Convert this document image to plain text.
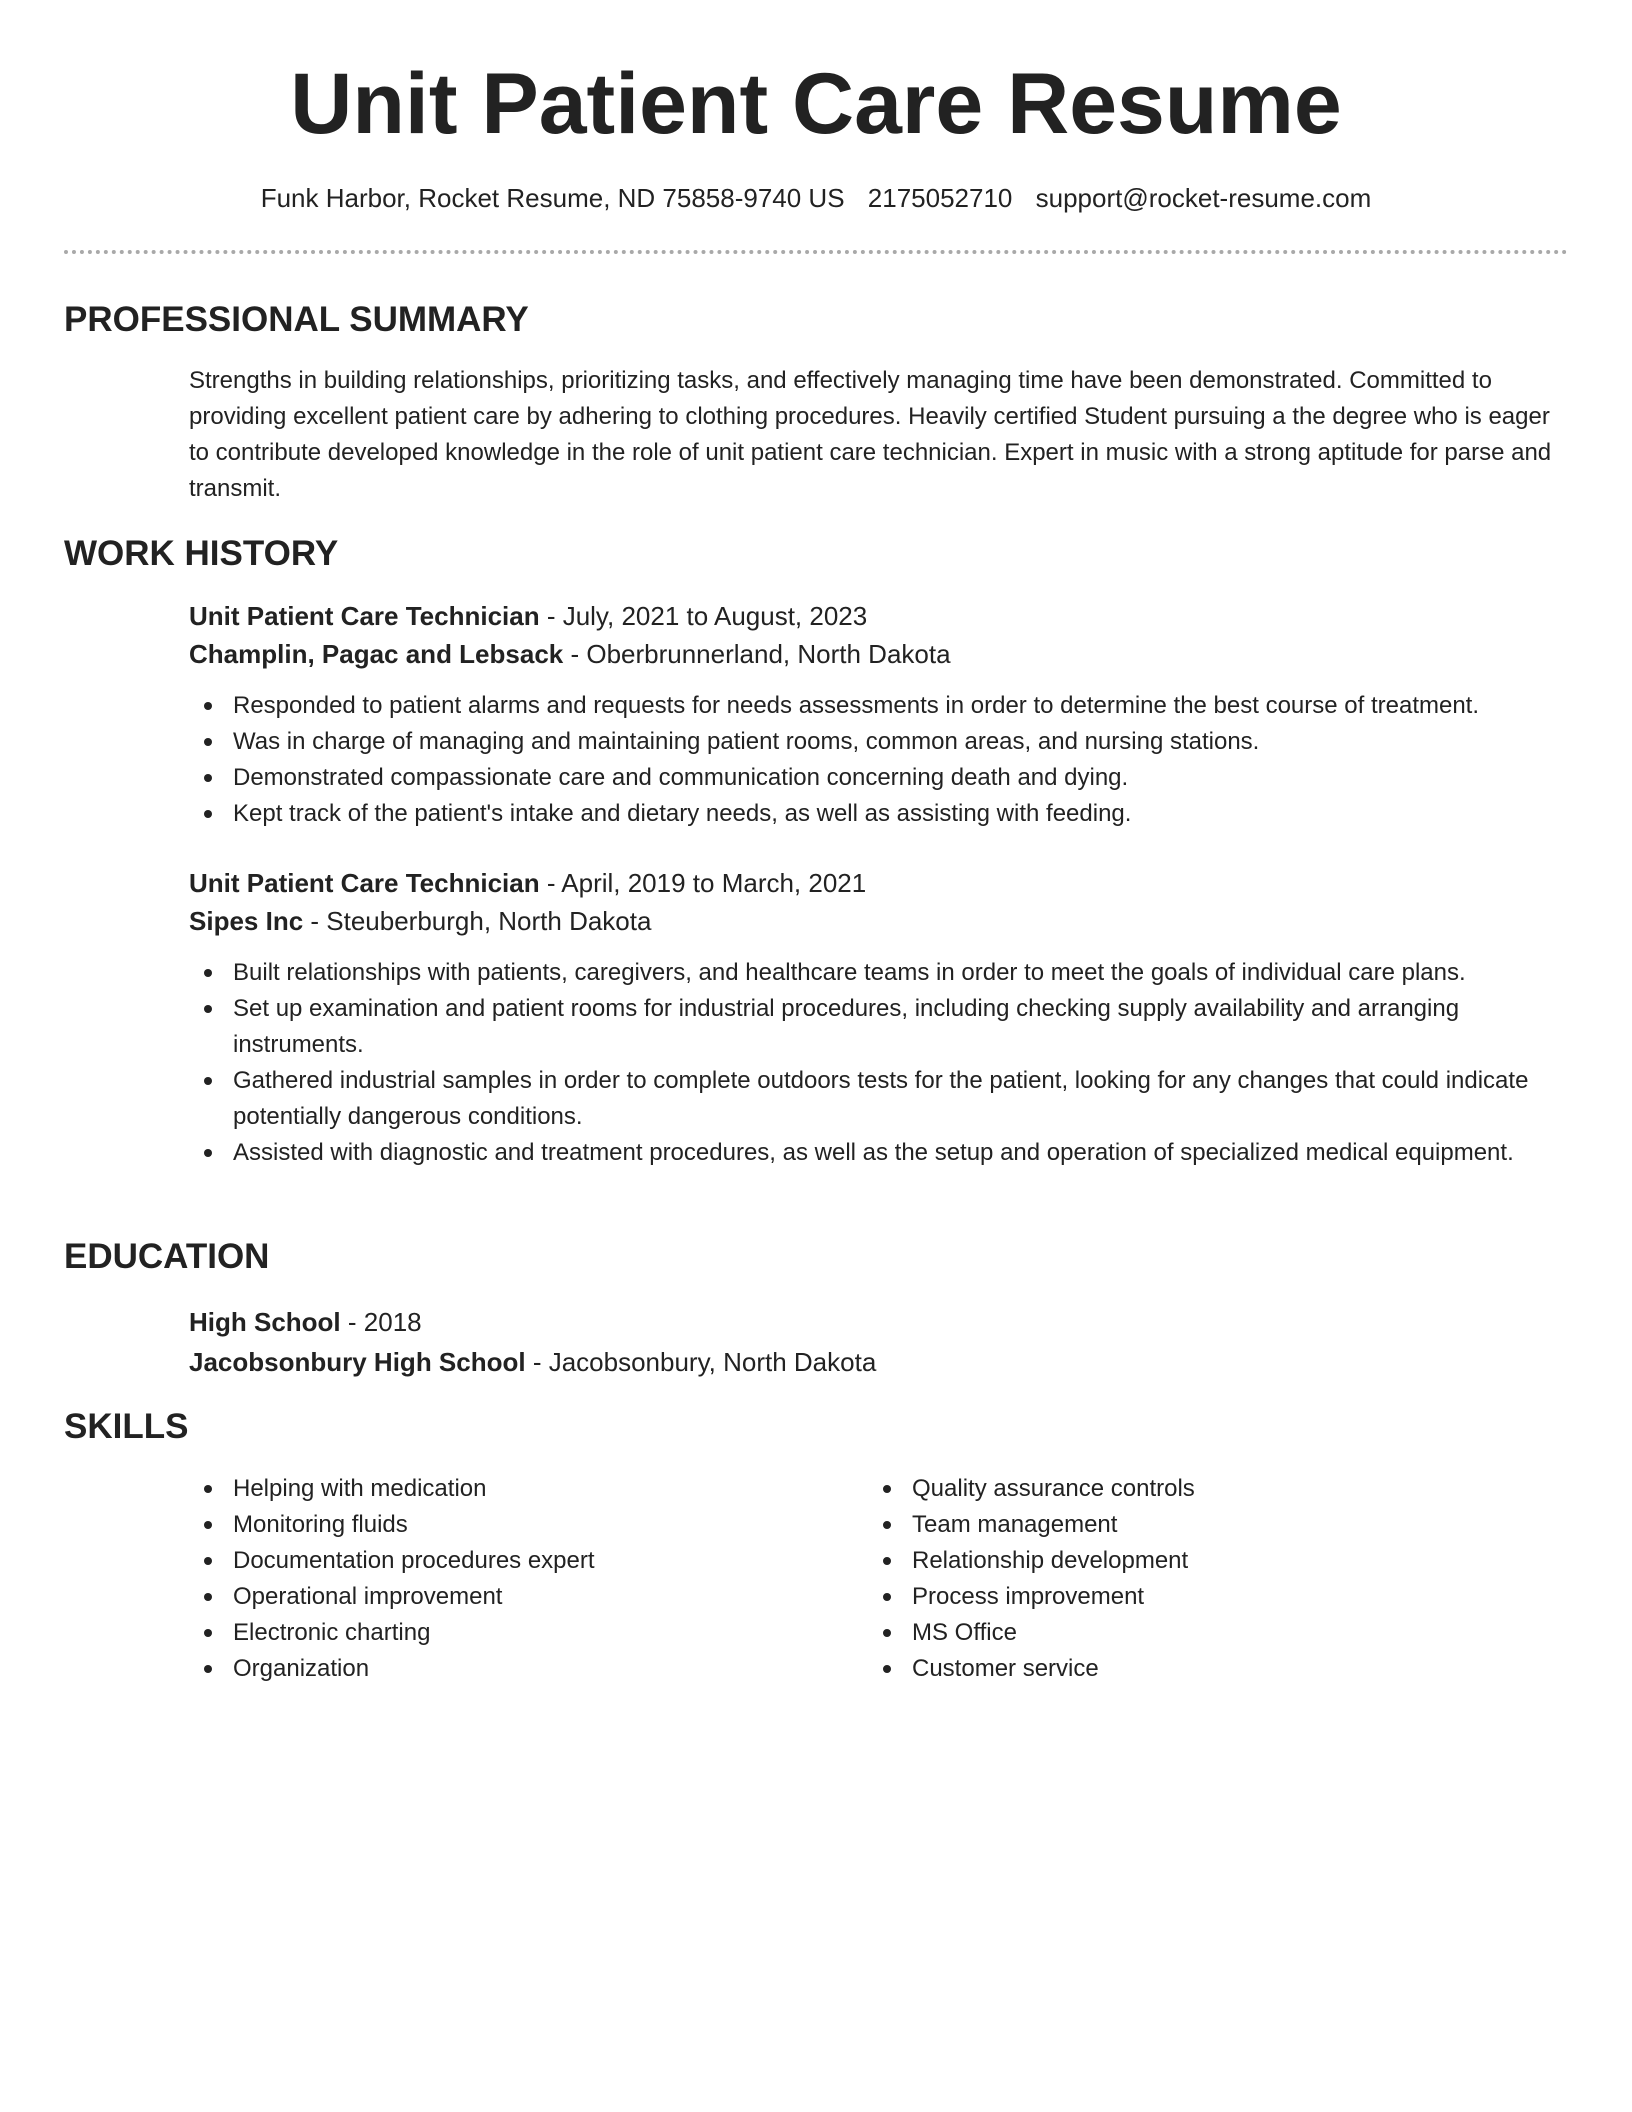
Unit Patient Care Resume
Funk Harbor, Rocket Resume, ND 75858-9740 US 2175052710 support@rocket-resume.com
PROFESSIONAL SUMMARY

Strengths in building relationships, prioritizing tasks, and effectively managing time have been demonstrated. Committed to providing excellent patient care by adhering to clothing procedures. Heavily certified Student pursuing a the degree who is eager to contribute developed knowledge in the role of unit patient care technician. Expert in music with a strong aptitude for parse and transmit.

WORK HISTORY

Unit Patient Care Technician - July, 2021 to August, 2023

Champlin, Pagac and Lebsack - Oberbrunnerland, North Dakota

Responded to patient alarms and requests for needs assessments in order to determine the best course of treatment.
Was in charge of managing and maintaining patient rooms, common areas, and nursing stations.
Demonstrated compassionate care and communication concerning death and dying.
Kept track of the patient's intake and dietary needs, as well as assisting with feeding.

Unit Patient Care Technician - April, 2019 to March, 2021

Sipes Inc - Steuberburgh, North Dakota

Built relationships with patients, caregivers, and healthcare teams in order to meet the goals of individual care plans.
Set up examination and patient rooms for industrial procedures, including checking supply availability and arranging instruments.
Gathered industrial samples in order to complete outdoors tests for the patient, looking for any changes that could indicate potentially dangerous conditions.
Assisted with diagnostic and treatment procedures, as well as the setup and operation of specialized medical equipment.
EDUCATION

High School - 2018

Jacobsonbury High School - Jacobsonbury, North Dakota

SKILLS
Helping with medication
Monitoring fluids
Documentation procedures expert
Operational improvement
Electronic charting
Organization
Quality assurance controls
Team management
Relationship development
Process improvement
MS Office
Customer service
